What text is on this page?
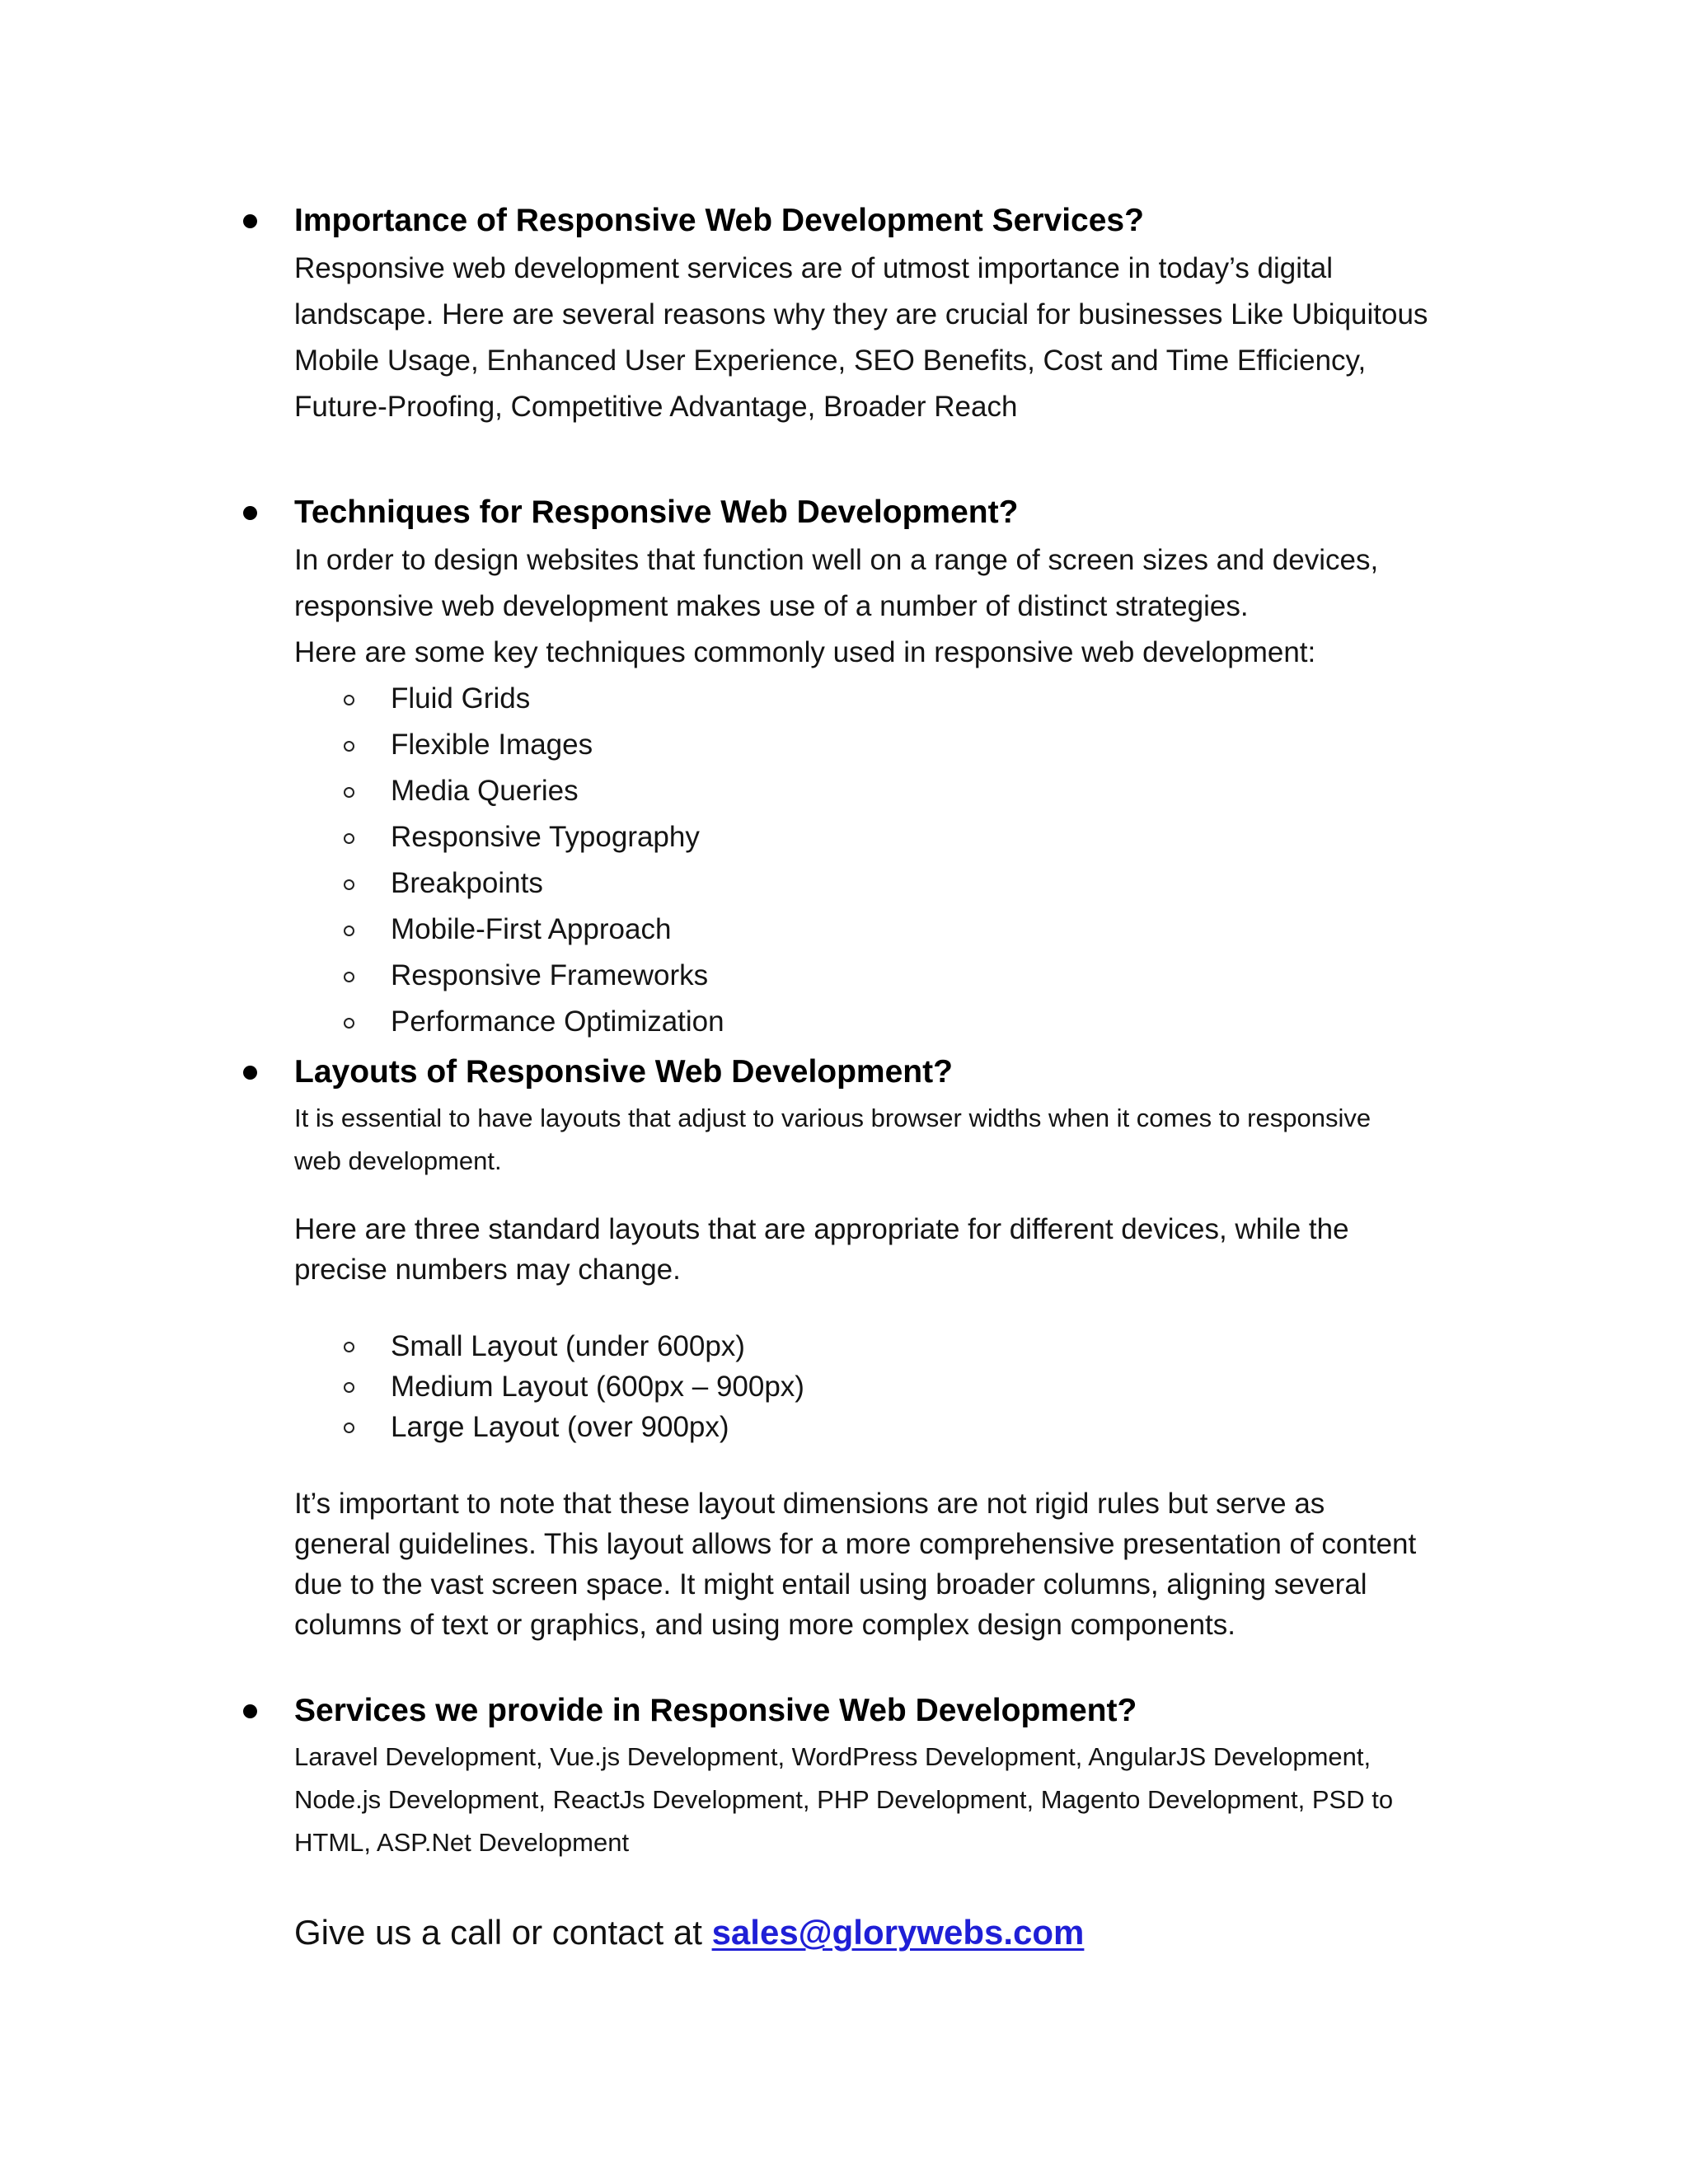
Importance of Responsive Web Development Services?
Responsive web development services are of utmost importance in today’s digital
landscape. Here are several reasons why they are crucial for businesses Like Ubiquitous
Mobile Usage, Enhanced User Experience, SEO Benefits, Cost and Time Efficiency,
Future-Proofing, Competitive Advantage, Broader Reach
Techniques for Responsive Web Development?
In order to design websites that function well on a range of screen sizes and devices,
responsive web development makes use of a number of distinct strategies.
Here are some key techniques commonly used in responsive web development:
Fluid Grids
Flexible Images
Media Queries
Responsive Typography
Breakpoints
Mobile-First Approach
Responsive Frameworks
Performance Optimization
Layouts of Responsive Web Development?
It is essential to have layouts that adjust to various browser widths when it comes to responsive
web development.
Here are three standard layouts that are appropriate for different devices, while the
precise numbers may change.
Small Layout (under 600px)
Medium Layout (600px – 900px)
Large Layout (over 900px)
It’s important to note that these layout dimensions are not rigid rules but serve as
general guidelines. This layout allows for a more comprehensive presentation of content
due to the vast screen space. It might entail using broader columns, aligning several
columns of text or graphics, and using more complex design components.
Services we provide in Responsive Web Development?
Laravel Development, Vue.js Development, WordPress Development, AngularJS Development,
Node.js Development, ReactJs Development, PHP Development, Magento Development, PSD to
HTML, ASP.Net Development
Give us a call or contact at sales@glorywebs.com
